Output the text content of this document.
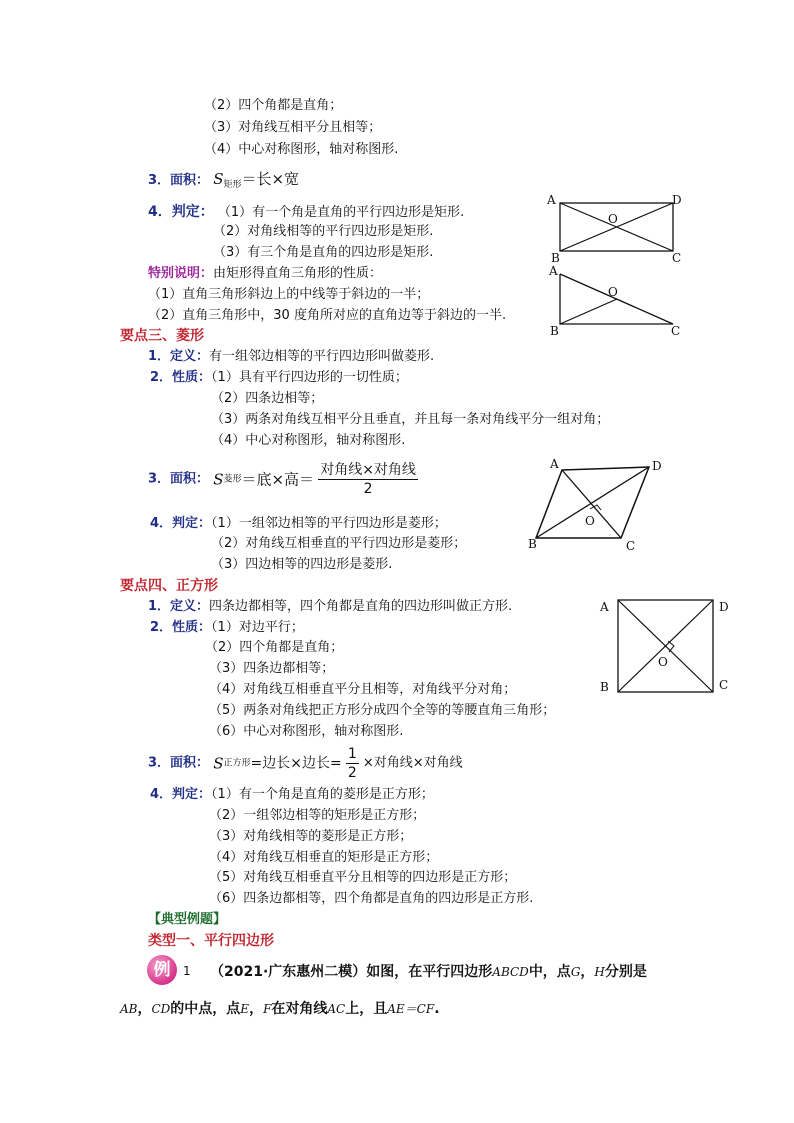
（2）四个角都是直角；
（3）对角线互相平分且相等；
（4）中心对称图形，轴对称图形.
3．面积： $S_{矩形}=$长×宽
4．判定： （1）有一个角是直角的平行四边形是矩形.
（2）对角线相等的平行四边形是矩形.
（3）有三个角是直角的四边形是矩形.
特别说明：由矩形得直角三角形的性质：
（1）直角三角形斜边上的中线等于斜边的一半；
（2）直角三角形中，30 度角所对应的直角边等于斜边的一半.
A	D
O
B	C
A
O
B	C
要点三、菱形
1．定义：有一组邻边相等的平行四边形叫做菱形.
2．性质：（1）具有平行四边形的一切性质；
（2）四条边相等；
（3）两条对角线互相平分且垂直，并且每一条对角线平分一组对角；
（4）中心对称图形，轴对称图形.
3．面积： S菱形＝底×高＝ $\frac{\text{对角线×对角线}}{2}$
4．判定：（1）一组邻边相等的平行四边形是菱形；
（2）对角线互相垂直的平行四边形是菱形；
（3）四边相等的四边形是菱形.
A	D
O
B	C
要点四、正方形
1．定义：四条边都相等，四个角都是直角的四边形叫做正方形.
2．性质：（1）对边平行；
（2）四个角都是直角；
（3）四条边都相等；
（4）对角线互相垂直平分且相等，对角线平分对角；
（5）两条对角线把正方形分成四个全等的等腰直角三角形；
（6）中心对称图形，轴对称图形.
3．面积： S正方形=边长×边长= $\frac{1}{2}$ ×对角线×对角线
4．判定：（1）有一个角是直角的菱形是正方形；
（2）一组邻边相等的矩形是正方形；
（3）对角线相等的菱形是正方形；
（4）对角线互相垂直的矩形是正方形；
（5）对角线互相垂直平分且相等的四边形是正方形；
（6）四条边都相等，四个角都是直角的四边形是正方形.
A	D
O
B	C
【典型例题】
类型一、平行四边形
例	1 （2021·广东惠州二模）如图，在平行四边形ABCD中，点G，H分别是
AB，CD的中点，点E，F在对角线AC上，且AE＝CF.
